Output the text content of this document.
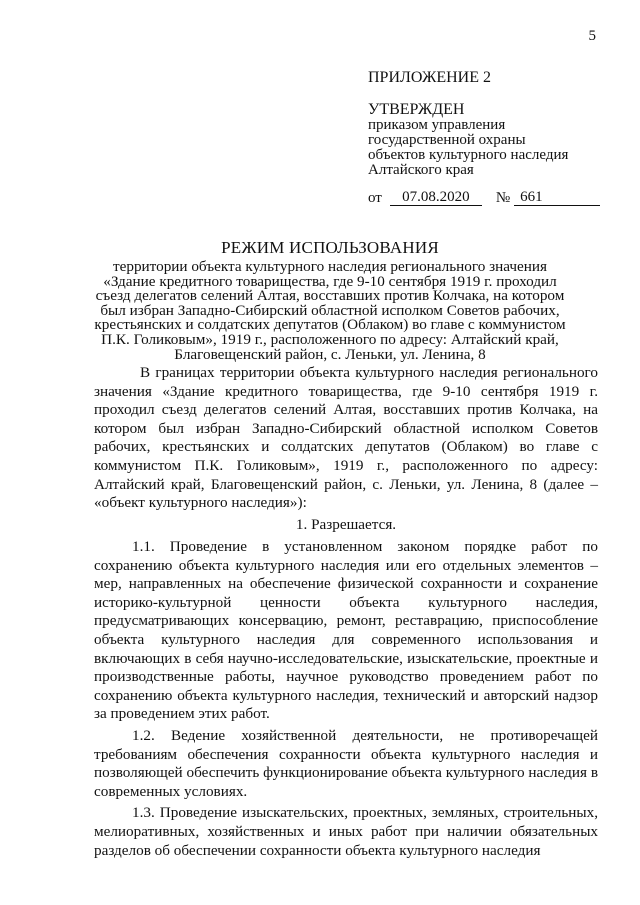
5
ПРИЛОЖЕНИЕ 2
УТВЕРЖДЕН
приказом управления
государственной охраны
объектов культурного наследия
Алтайского края
от	07.08.2020	№ 661
РЕЖИМ ИСПОЛЬЗОВАНИЯ
территории объекта культурного наследия регионального значения
«Здание кредитного товарищества, где 9-10 сентября 1919 г. проходил
съезд делегатов селений Алтая, восставших против Колчака, на котором
был избран Западно-Сибирский областной исполком Советов рабочих,
крестьянских и солдатских депутатов (Облаком) во главе с коммунистом
П.К. Голиковым», 1919 г., расположенного по адресу: Алтайский край,
Благовещенский район, с. Леньки, ул. Ленина, 8
В границах территории объекта культурного наследия регионального значения «Здание кредитного товарищества, где 9-10 сентября 1919 г. проходил съезд делегатов селений Алтая, восставших против Колчака, на котором был избран Западно-Сибирский областной исполком Советов рабочих, крестьянских и солдатских депутатов (Облаком) во главе с коммунистом П.К. Голиковым», 1919 г., расположенного по адресу: Алтайский край, Благовещенский район, с. Леньки, ул. Ленина, 8 (далее – «объект культурного наследия»):
1. Разрешается.

1.1. Проведение в установленном законом порядке работ по сохранению объекта культурного наследия или его отдельных элементов – мер, направленных на обеспечение физической сохранности и сохранение историко-культурной ценности объекта культурного наследия, предусматривающих консервацию, ремонт, реставрацию, приспособление объекта культурного наследия для современного использования и включающих в себя научно-исследовательские, изыскательские, проектные и производственные работы, научное руководство проведением работ по сохранению объекта культурного наследия, технический и авторский надзор за проведением этих работ.

1.2. Ведение хозяйственной деятельности, не противоречащей требованиям обеспечения сохранности объекта культурного наследия и позволяющей обеспечить функционирование объекта культурного наследия в современных условиях.

1.3. Проведение изыскательских, проектных, земляных, строительных, мелиоративных, хозяйственных и иных работ при наличии обязательных разделов об обеспечении сохранности объекта культурного наследия
